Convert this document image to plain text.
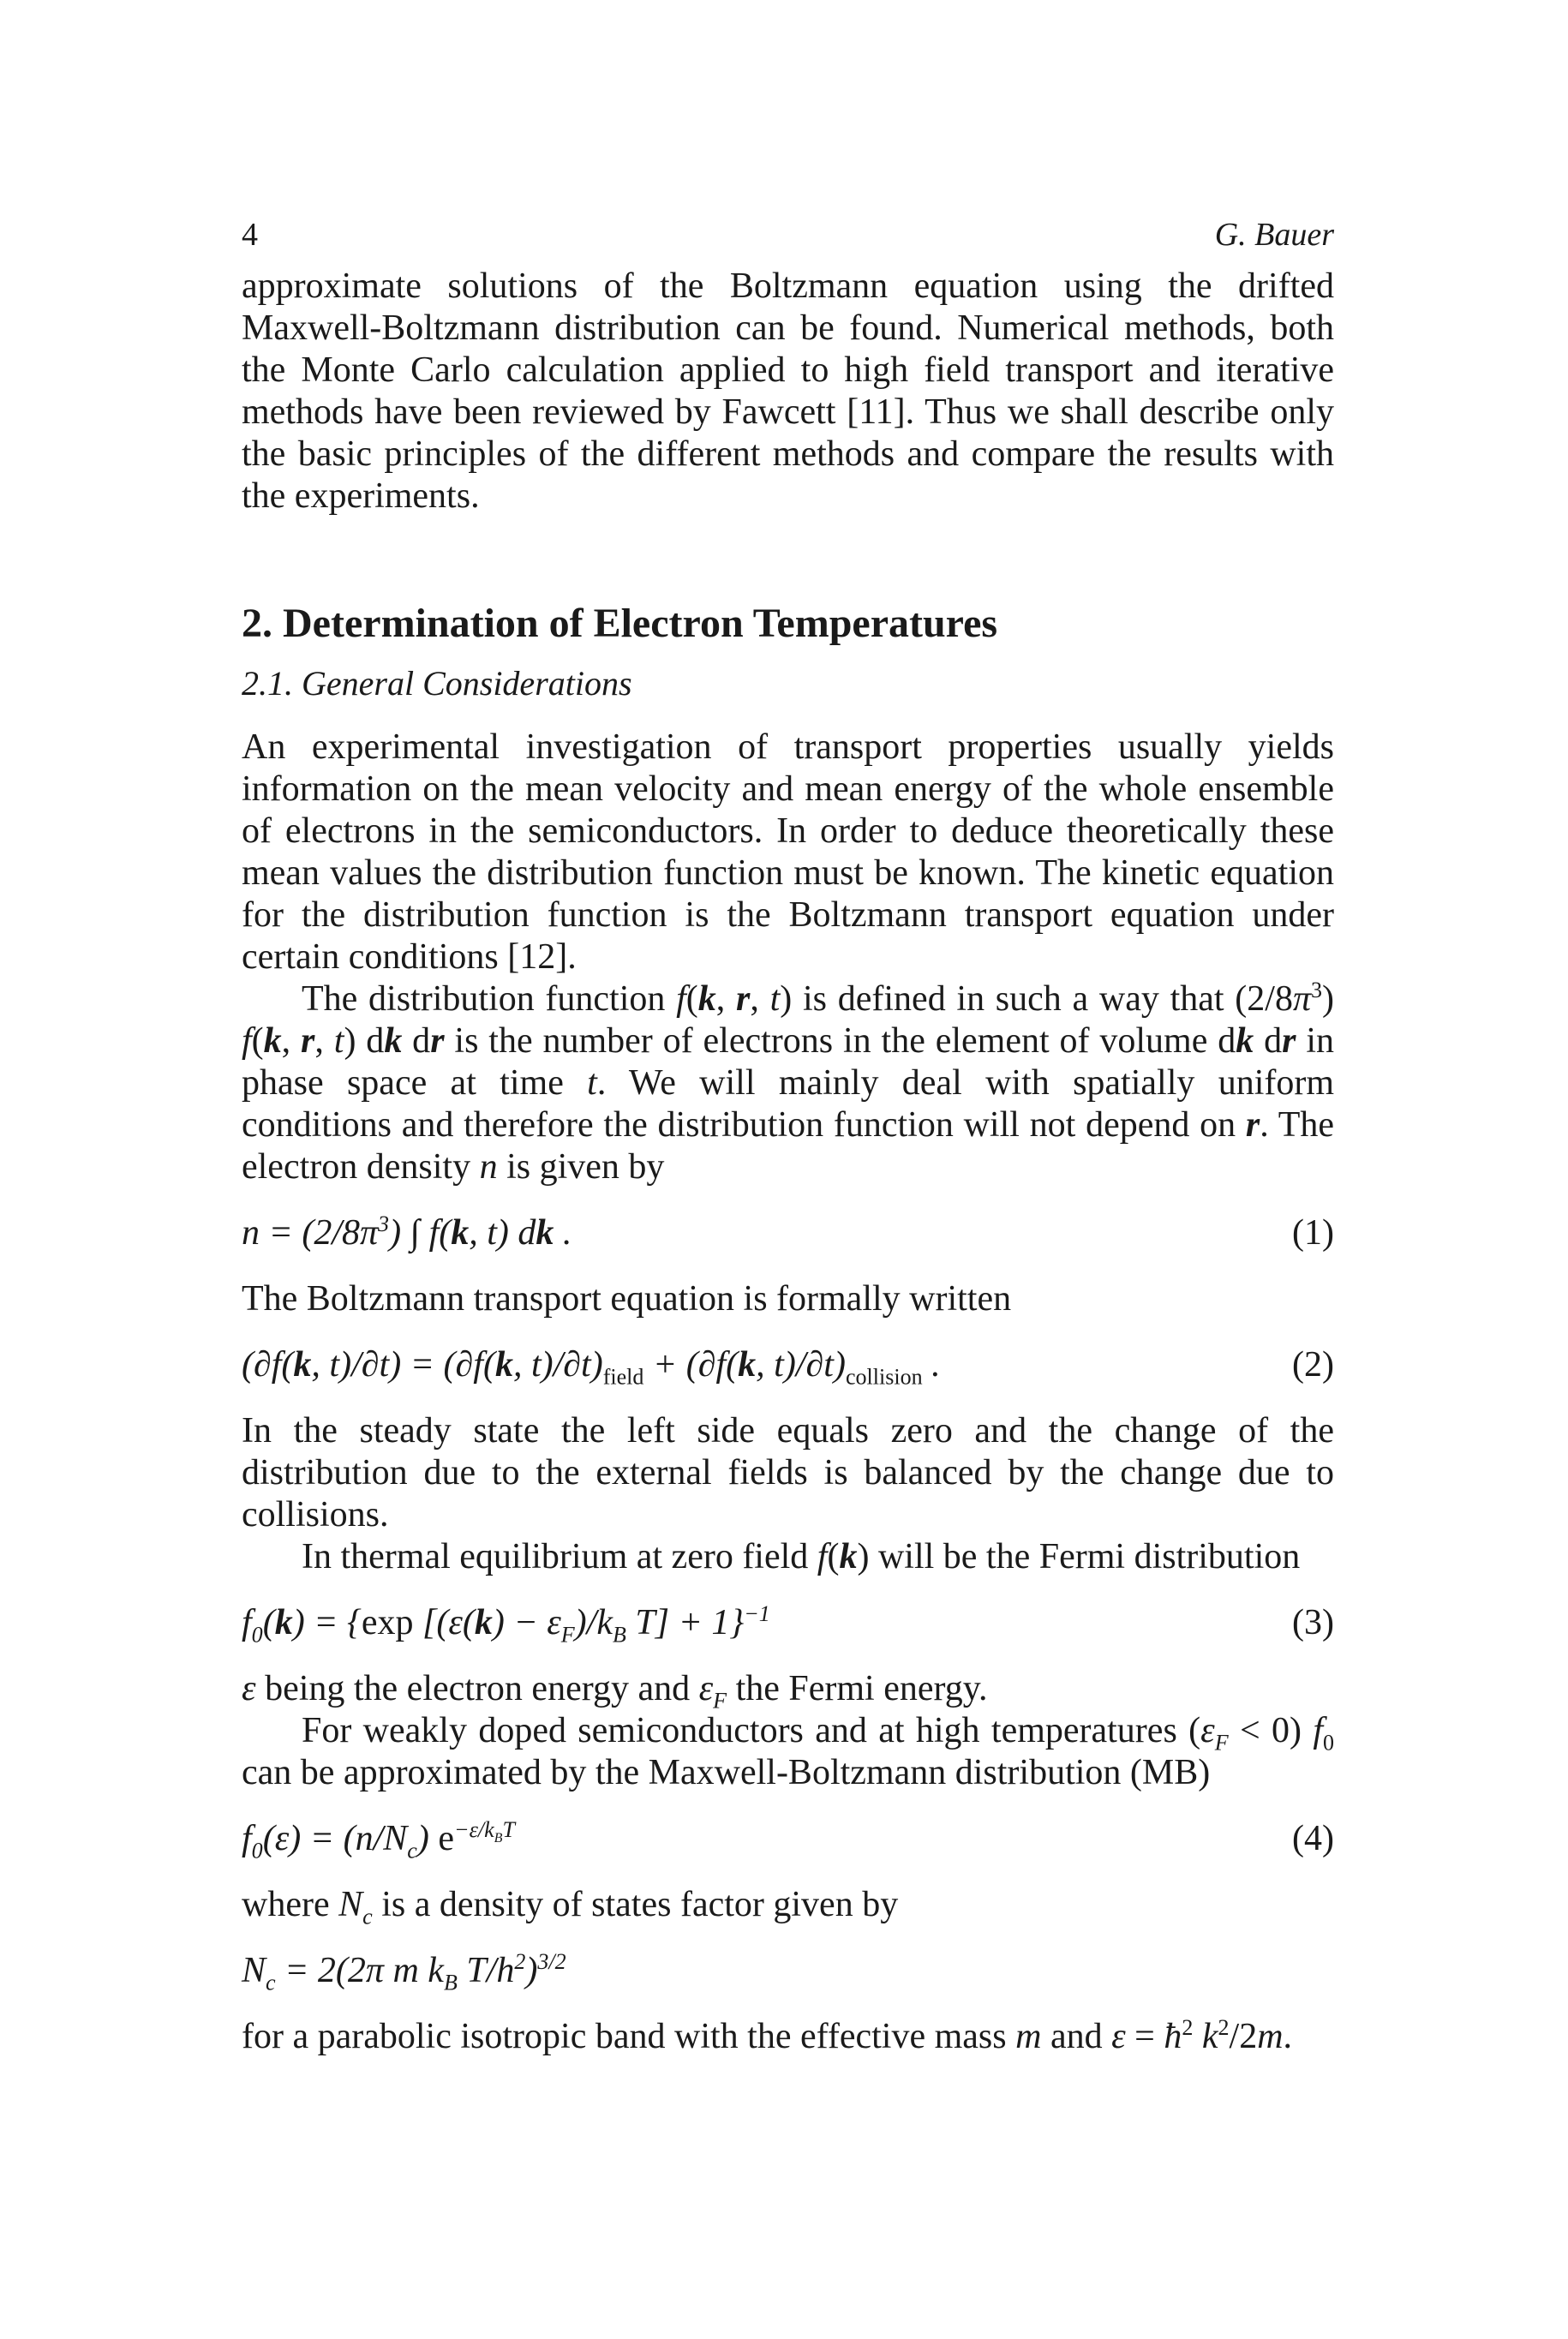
4	G. Bauer

approximate solutions of the Boltzmann equation using the drifted Maxwell-Boltzmann distribution can be found. Numerical methods, both the Monte Carlo calculation applied to high field transport and iterative methods have been reviewed by Fawcett [11]. Thus we shall describe only the basic principles of the different methods and compare the results with the experiments.

2. Determination of Electron Temperatures
2.1. General Considerations

An experimental investigation of transport properties usually yields information on the mean velocity and mean energy of the whole ensemble of electrons in the semiconductors. In order to deduce theoretically these mean values the distribution function must be known. The kinetic equation for the distribution function is the Boltzmann transport equation under certain conditions [12].

The distribution function f(k, r, t) is defined in such a way that $(2/8\pi^3)$ f(k, r, t) dk dr is the number of electrons in the element of volume dk dr in phase space at time t. We will mainly deal with spatially uniform conditions and therefore the distribution function will not depend on r. The electron density n is given by

$n = (2/8\pi^3)$ ∫ f(k, t) dk .	(1)

The Boltzmann transport equation is formally written

(∂f(k, t)/∂t) = (∂f(k, $t)/\partial t)_{field} + (\partial f(k$, $t)/\partial t)_{collision}$ .	(2)

In the steady state the left side equals zero and the change of the distribution due to the external fields is balanced by the change due to collisions.

In thermal equilibrium at zero field f(k) will be the Fermi distribution

$f_0(k) = \{\exp$ [$(\varepsilon(k) - \varepsilon_F)/k_B$ T] + 1}$^{-1}$	(3)

ε being the electron energy and $\varepsilon_F$ the Fermi energy.

For weakly doped semiconductors and at high temperatures $(\varepsilon_F < 0)$ $f_0$ can be approximated by the Maxwell-Boltzmann distribution (MB)

$f_0(\varepsilon) = (n/N_c)$ $e^{-\varepsilon/k_BT}$	(4)

where $N_c$ is a density of states factor given by

$N_c = 2(2\pi$ m $k_B$ $T/h^2)^{3/2}$

for a parabolic isotropic band with the effective mass m and $\varepsilon = ħ^2$ $k^2/2m$.
